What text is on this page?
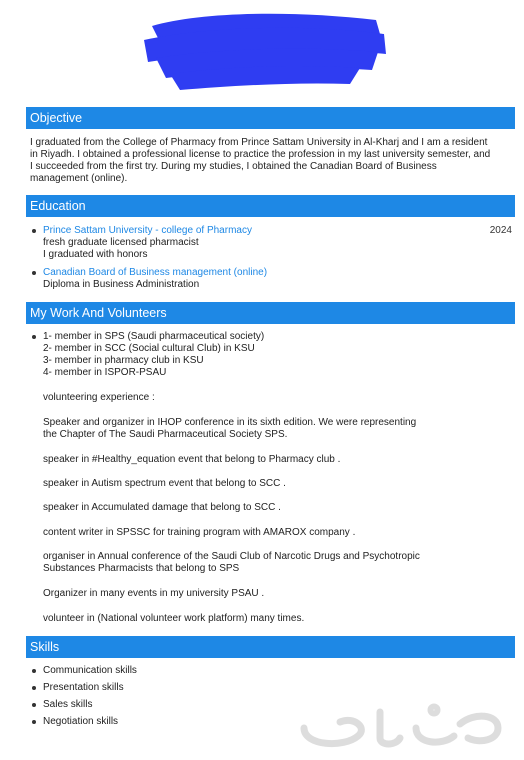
Objective

I graduated from the College of Pharmacy from Prince Sattam University in Al-Kharj and I am a resident
in Riyadh. I obtained a professional license to practice the profession in my last university semester, and
I succeeded from the first try. During my studies, I obtained the Canadian Board of Business
management (online).

Education
Prince Sattam University - college of Pharmacy	2024

fresh graduate licensed pharmacist
I graduated with honors
Canadian Board of Business management (online)
Diploma in Business Administration
My Work And Volunteers
1- member in SPS (Saudi pharmaceutical society)
2- member in SCC (Social cultural Club) in KSU
3- member in pharmacy club in KSU
4- member in ISPOR-PSAU
volunteering experience :
Speaker and organizer in IHOP conference in its sixth edition. We were representing
the Chapter of The Saudi Pharmaceutical Society SPS.
speaker in #Healthy_equation event that belong to Pharmacy club .
speaker in Autism spectrum event that belong to SCC .
speaker in Accumulated damage that belong to SCC .
content writer in SPSSC for training program with AMAROX company .
organiser in Annual conference of the Saudi Club of Narcotic Drugs and Psychotropic
Substances Pharmacists that belong to SPS
Organizer in many events in my university PSAU .
volunteer in (National volunteer work platform) many times.
Skills
Communication skills
Presentation skills
Sales skills
Negotiation skills
